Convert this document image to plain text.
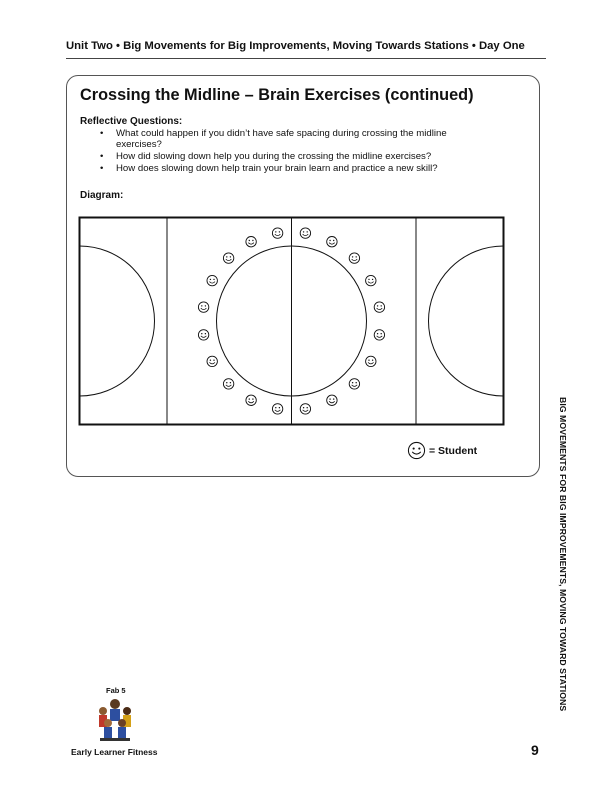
Unit Two • Big Movements for Big Improvements, Moving Towards Stations • Day One
Crossing the Midline – Brain Exercises (continued)
Reflective Questions:
• What could happen if you didn’t have safe spacing during crossing the midline
exercises?
• How did slowing down help you during the crossing the midline exercises?
• How does slowing down help train your brain learn and practice a new skill?
Diagram:
= Student
Fab 5
Early Learner Fitness	9
BIG MOVEMENTS FOR BIG IMPROVEMENTS, MOVING TOWARD STATIONS
